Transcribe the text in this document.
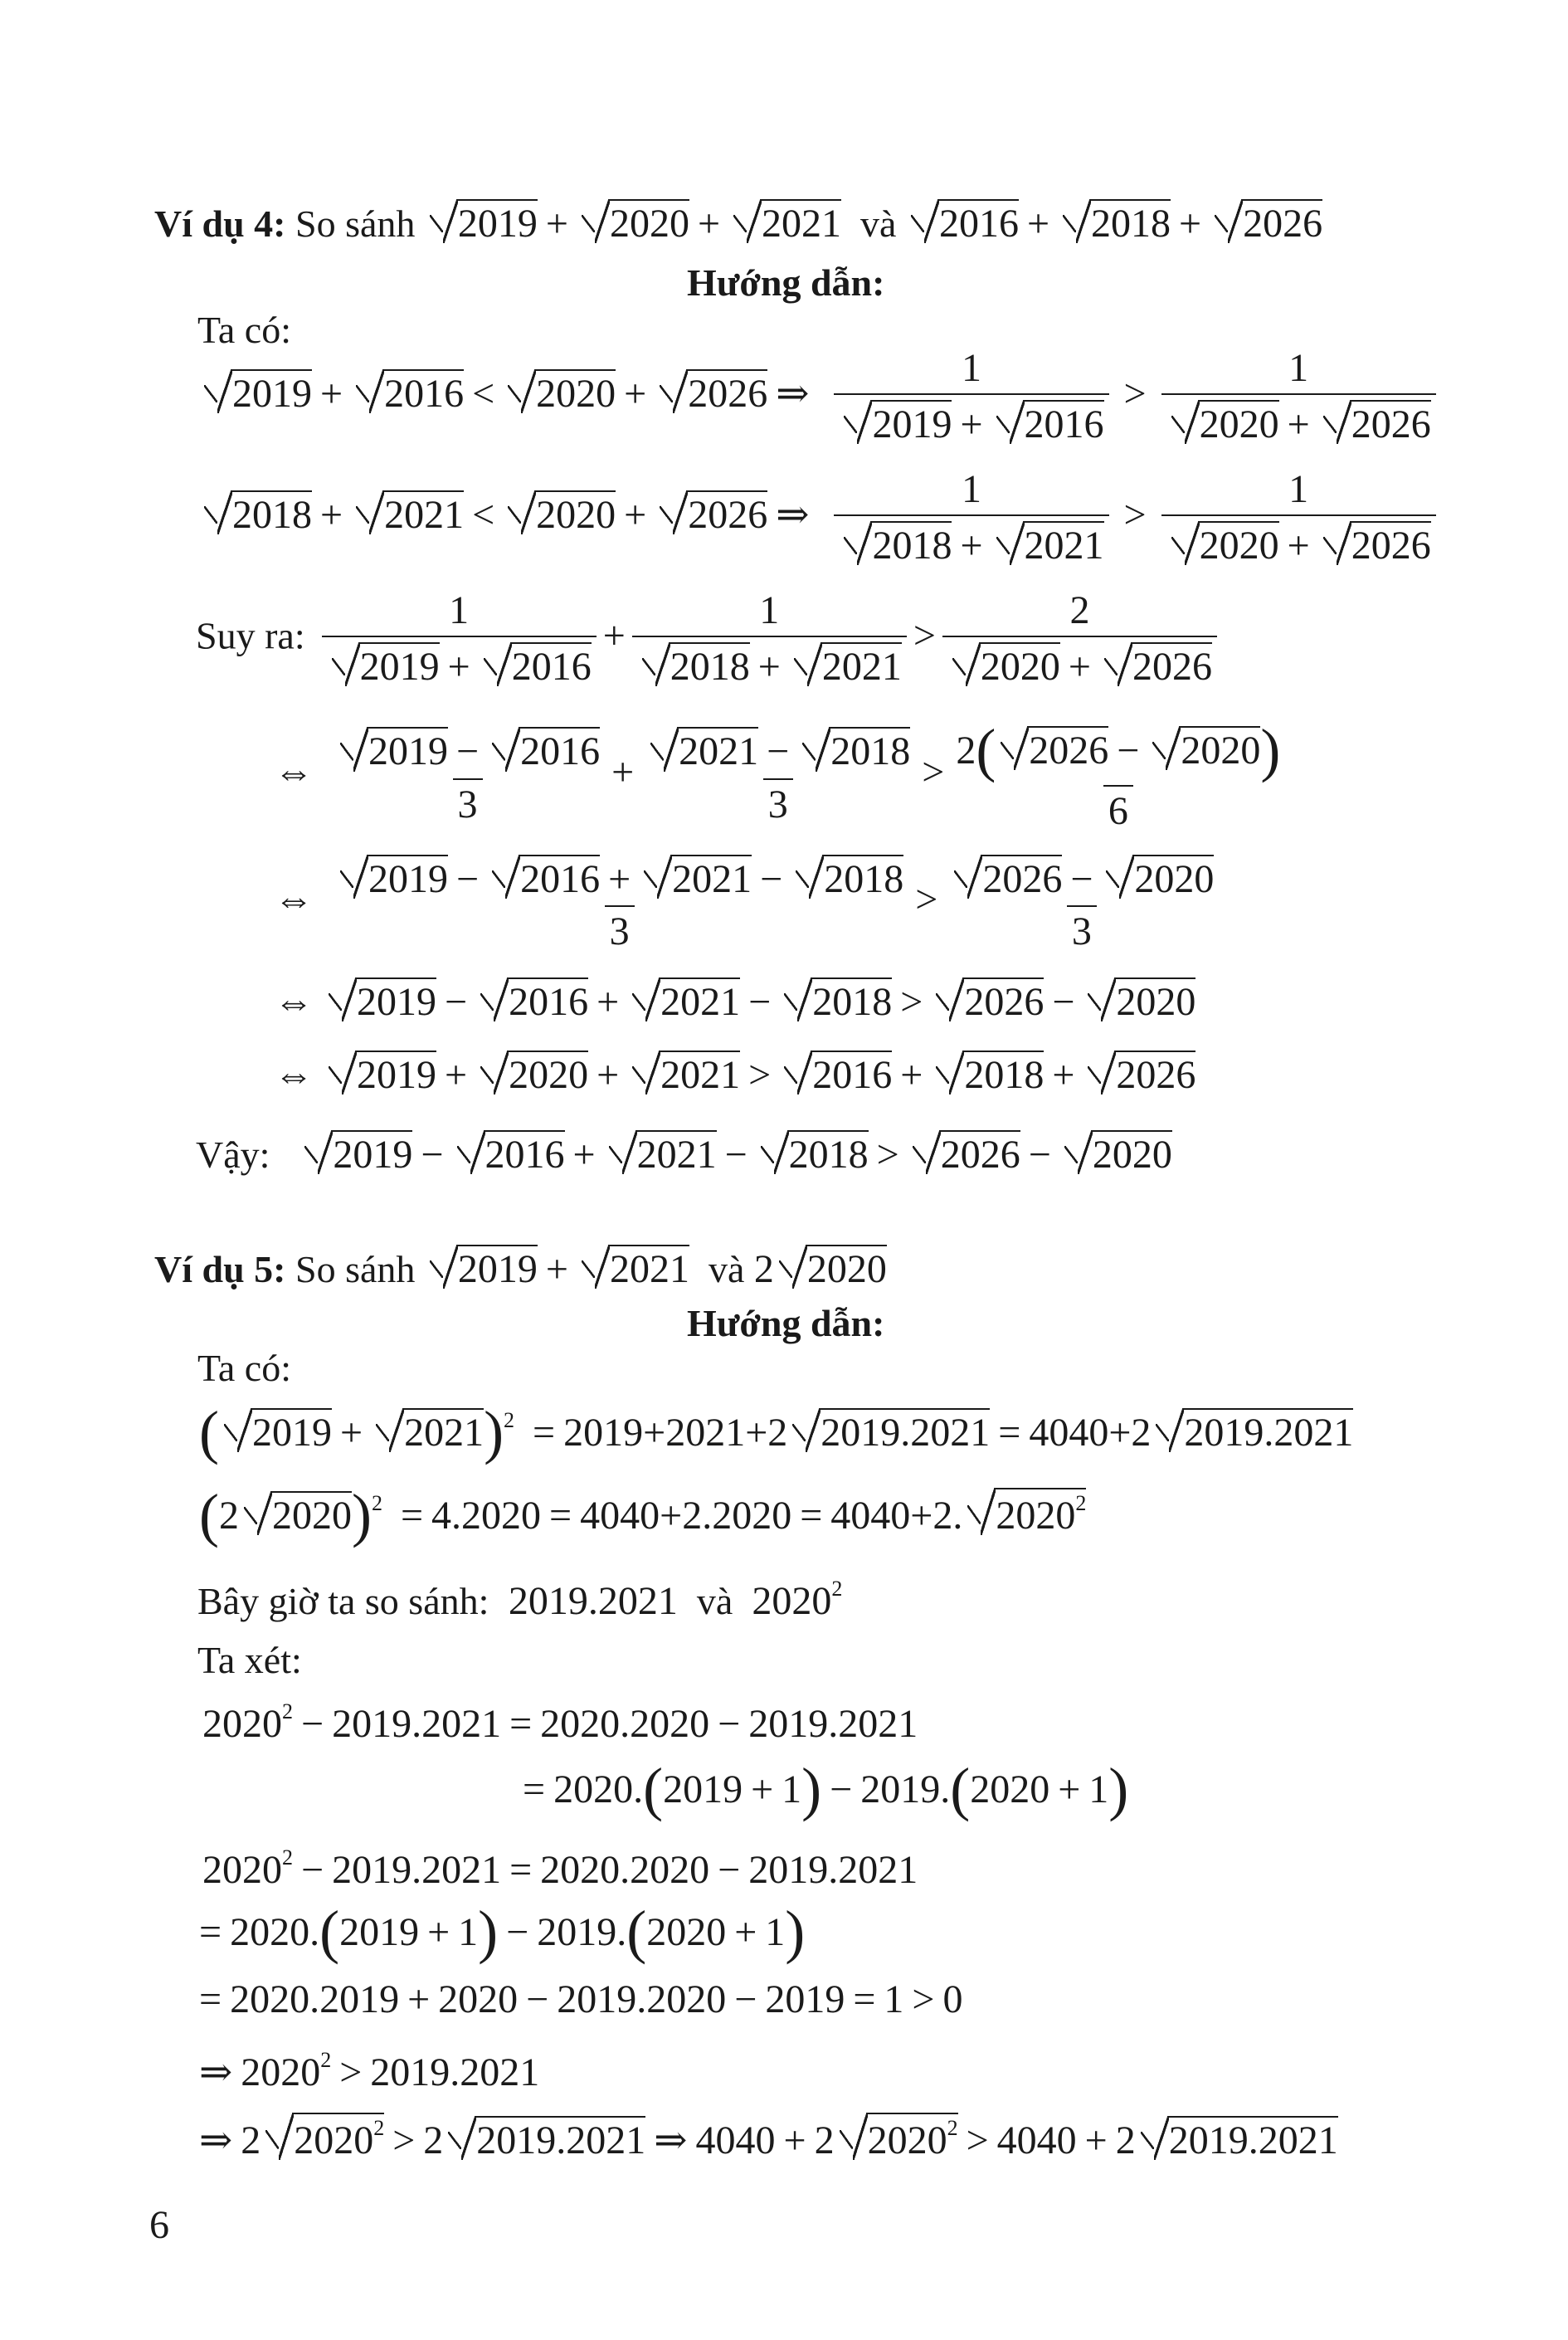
Ví dụ 4: So sánh 2019 + 2020 + 2021 và 2016 + 2018 + 2026
Hướng dẫn:
Ta có:
2019 + 2016 < 2020 + 2026 ⇒ $\frac{1}{2019 + 2016} > \frac{1}{2020 + 2026}$
2018 + 2021 < 2020 + 2026 ⇒ $\frac{1}{2018 + 2021} > \frac{1}{2020 + 2026}$
Suy ra: $\frac{1}{2019 + 2016} + \frac{1}{2018 + 2021} > \frac{2}{2020 + 2026}$
⇔ $\frac{2019 - 2016}{3} + \frac{2021 - 2018}{3} > \frac{2( 2026 - 2020)}{6}$
⇔ $\frac{2019 - 2016 + 2021 - 2018}{3} > \frac{2026 - 2020}{3}$
⇔ 2019 − 2016 + 2021 − 2018 > 2026 − 2020
⇔ 2019 + 2020 + 2021 > 2016 + 2018 + 2026
Vậy: 2019 − 2016 + 2021 − 2018 > 2026 − 2020
Ví dụ 5: So sánh 2019 + 2021 và 2 2020
Hướng dẫn:
Ta có:
( 2019 + 2021)$^2$ = 2019+2021+2 2019.2021 = 4040+2 2019.2021
(2 2020)$^2$ = 4.2020 = 4040+2.2020 = 4040+2. 2020$^2$
Bây giờ ta so sánh:  2019.2021  và  2020$^2$
Ta xét:
$2020^2 - 2019.2021 = 2020.2020 - 2019.2021$
= 2020.(2019 + 1) − 2019.(2020 + 1)
$2020^2 - 2019.2021 = 2020.2020 - 2019.2021$
= 2020.(2019 + 1) − 2019.(2020 + 1)
= 2020.2019 + 2020 − 2019.2020 − 2019 = 1 > 0
⇒ $2020^2 > 2019.2021$
⇒ 2 $2020^2 > 2$ 2019.2021 ⇒ 4040 + 2 $2020^2 > 4040 + 2$ 2019.2021
6
